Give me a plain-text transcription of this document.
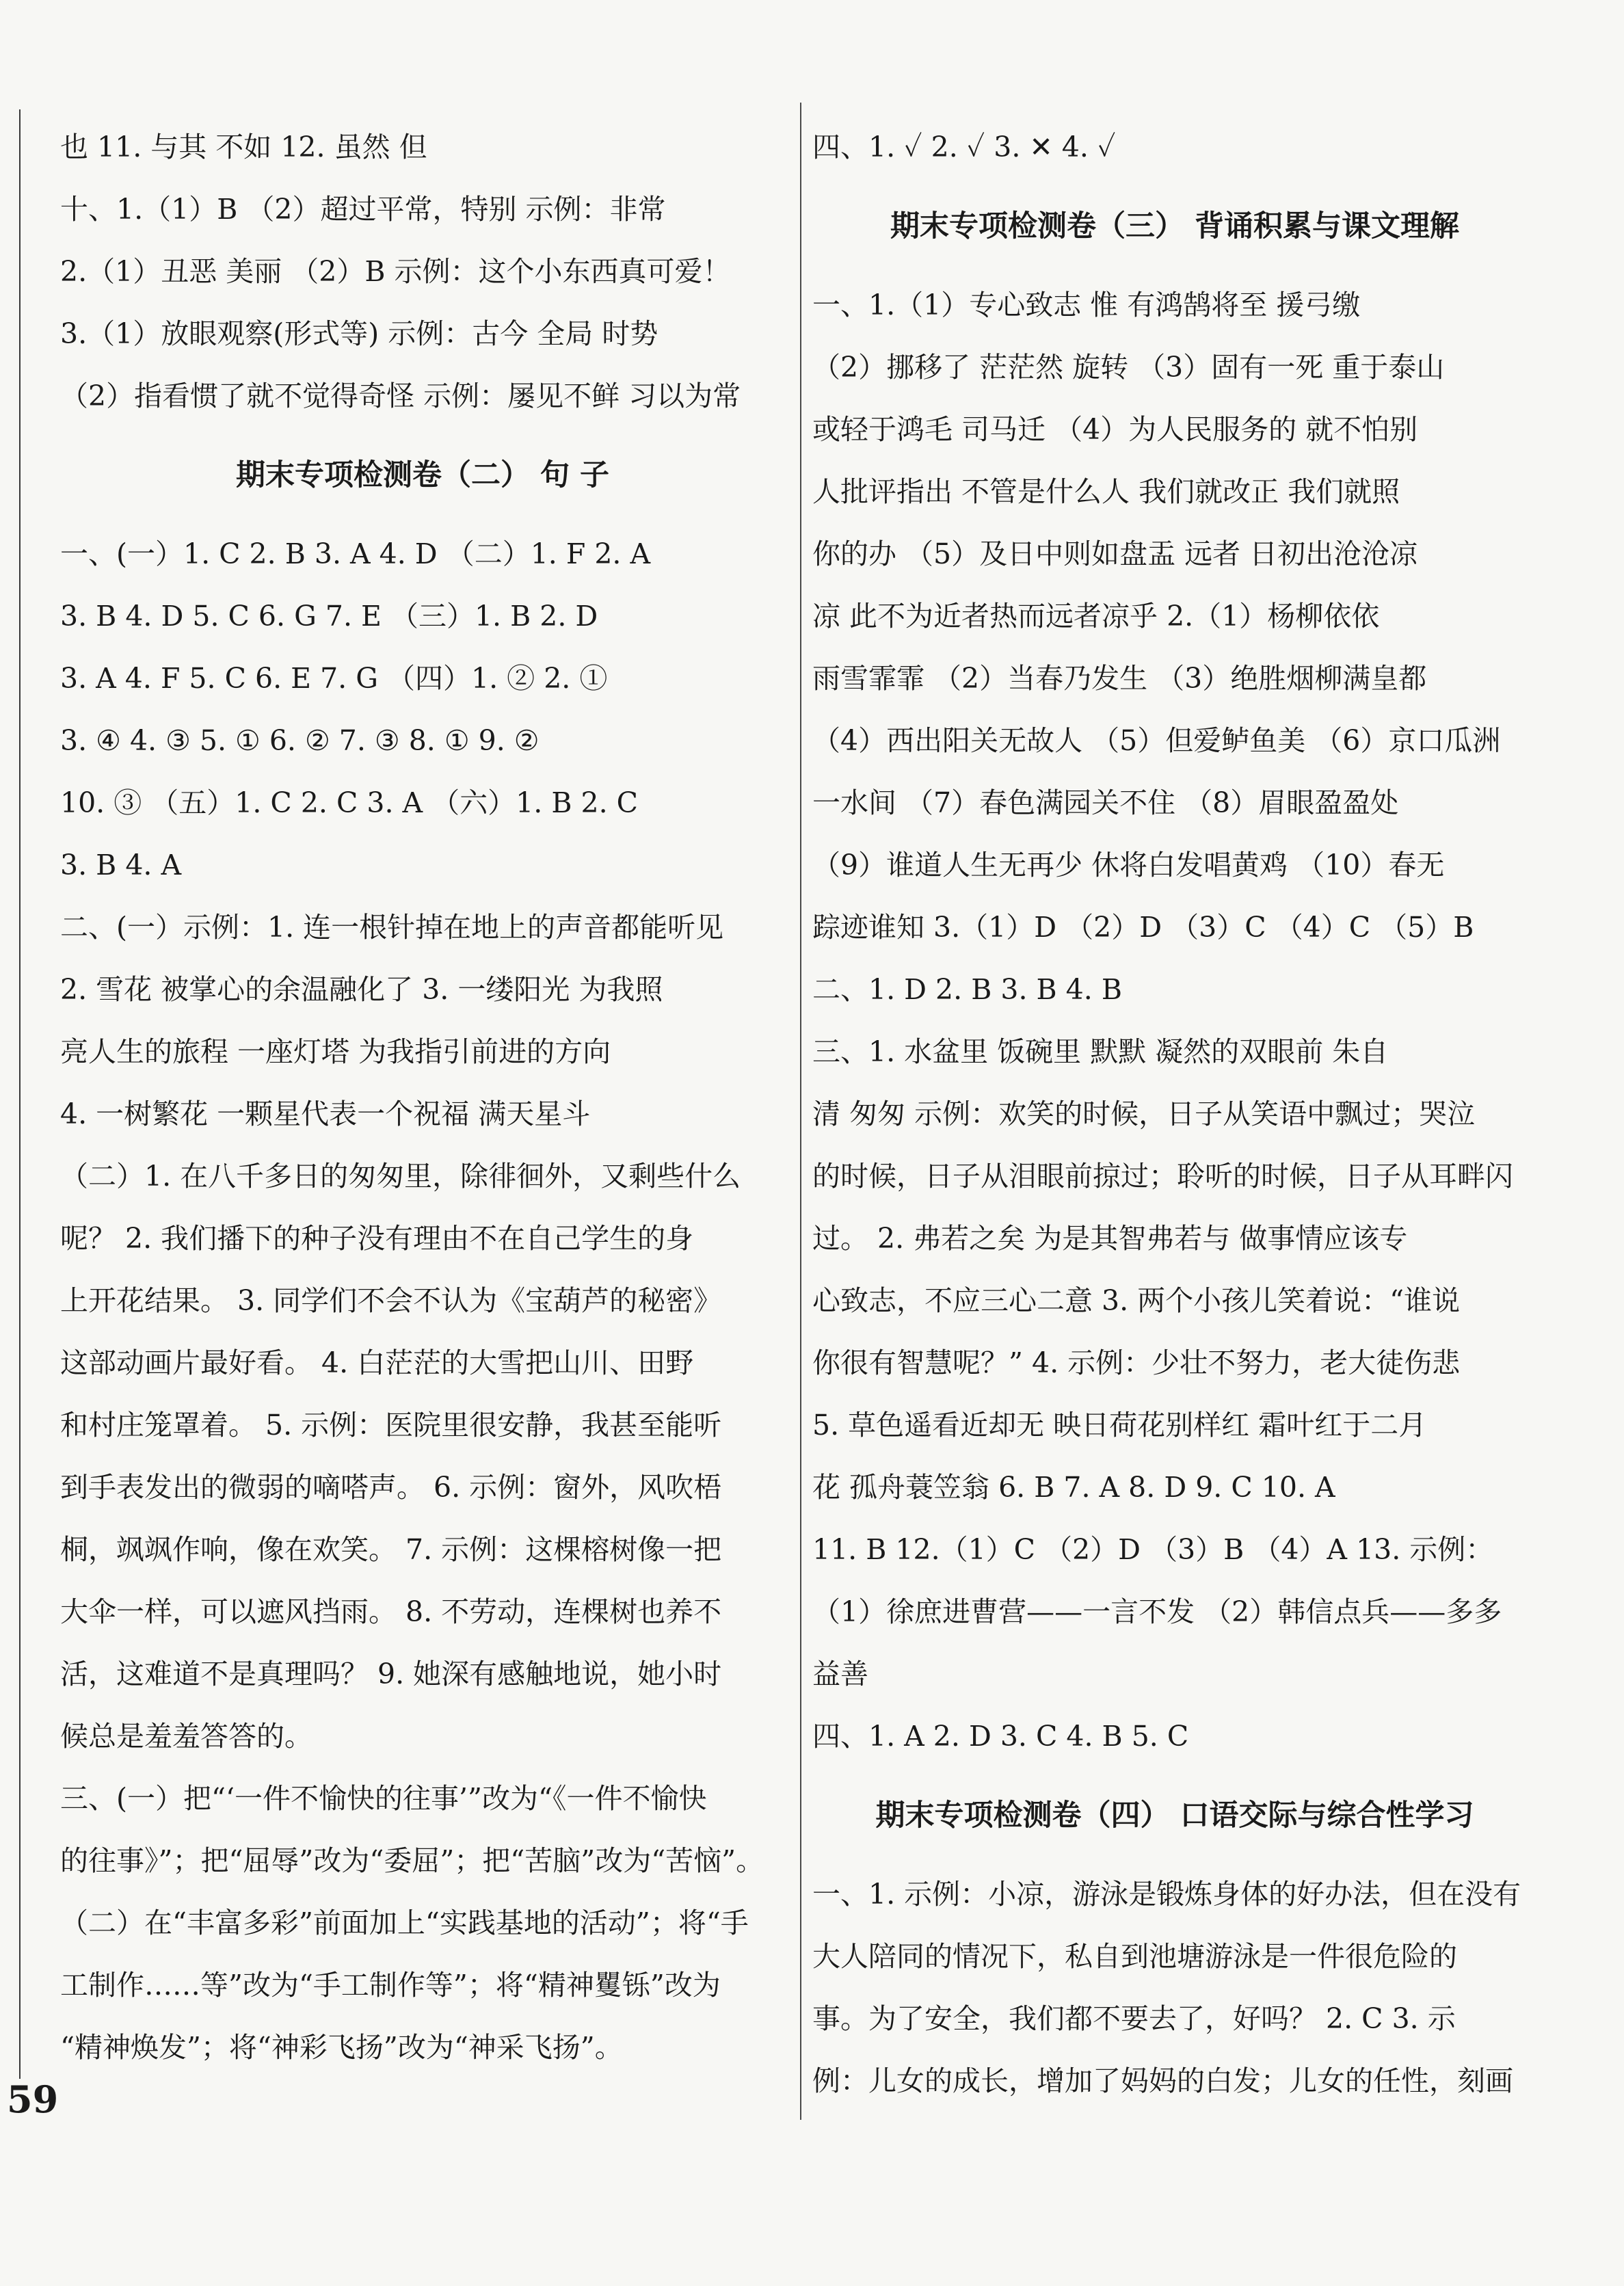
也 11. 与其 不如 12. 虽然 但
十、1.（1）B （2）超过平常，特别 示例：非常
2.（1）丑恶 美丽 （2）B 示例：这个小东西真可爱！
3.（1）放眼观察(形式等) 示例：古今 全局 时势
（2）指看惯了就不觉得奇怪 示例：屡见不鲜 习以为常
期末专项检测卷（二） 句 子
一、(一）1. C 2. B 3. A 4. D （二）1. F 2. A
3. B 4. D 5. C 6. G 7. E （三）1. B 2. D
3. A 4. F 5. C 6. E 7. G （四）1. ② 2. ①
3. ④ 4. ③ 5. ① 6. ② 7. ③ 8. ① 9. ②
10. ③ （五）1. C 2. C 3. A （六）1. B 2. C
3. B 4. A
二、(一）示例：1. 连一根针掉在地上的声音都能听见
2. 雪花 被掌心的余温融化了 3. 一缕阳光 为我照
亮人生的旅程 一座灯塔 为我指引前进的方向
4. 一树繁花 一颗星代表一个祝福 满天星斗
（二）1. 在八千多日的匆匆里，除徘徊外，又剩些什么
呢？ 2. 我们播下的种子没有理由不在自己学生的身
上开花结果。 3. 同学们不会不认为《宝葫芦的秘密》
这部动画片最好看。 4. 白茫茫的大雪把山川、田野
和村庄笼罩着。 5. 示例：医院里很安静，我甚至能听
到手表发出的微弱的嘀嗒声。 6. 示例：窗外，风吹梧
桐，飒飒作响，像在欢笑。 7. 示例：这棵榕树像一把
大伞一样，可以遮风挡雨。 8. 不劳动，连棵树也养不
活，这难道不是真理吗？ 9. 她深有感触地说，她小时
候总是羞羞答答的。
三、(一）把“‘一件不愉快的往事’”改为“《一件不愉快
的往事》”；把“屈辱”改为“委屈”；把“苦脑”改为“苦恼”。
（二）在“丰富多彩”前面加上“实践基地的活动”；将“手
工制作……等”改为“手工制作等”；将“精神矍铄”改为
“精神焕发”；将“神彩飞扬”改为“神采飞扬”。
四、1. ✓ 2. ✓ 3. ✕ 4. ✓
期末专项检测卷（三） 背诵积累与课文理解
一、1.（1）专心致志 惟 有鸿鹄将至 援弓缴
（2）挪移了 茫茫然 旋转 （3）固有一死 重于泰山
或轻于鸿毛 司马迁 （4）为人民服务的 就不怕别
人批评指出 不管是什么人 我们就改正 我们就照
你的办 （5）及日中则如盘盂 远者 日初出沧沧凉
凉 此不为近者热而远者凉乎 2.（1）杨柳依依
雨雪霏霏 （2）当春乃发生 （3）绝胜烟柳满皇都
（4）西出阳关无故人 （5）但爱鲈鱼美 （6）京口瓜洲
一水间 （7）春色满园关不住 （8）眉眼盈盈处
（9）谁道人生无再少 休将白发唱黄鸡 （10）春无
踪迹谁知 3.（1）D （2）D （3）C （4）C （5）B
二、1. D 2. B 3. B 4. B
三、1. 水盆里 饭碗里 默默 凝然的双眼前 朱自
清 匆匆 示例：欢笑的时候，日子从笑语中飘过；哭泣
的时候，日子从泪眼前掠过；聆听的时候，日子从耳畔闪
过。 2. 弗若之矣 为是其智弗若与 做事情应该专
心致志，不应三心二意 3. 两个小孩儿笑着说：“谁说
你很有智慧呢？” 4. 示例：少壮不努力，老大徒伤悲
5. 草色遥看近却无 映日荷花别样红 霜叶红于二月
花 孤舟蓑笠翁 6. B 7. A 8. D 9. C 10. A
11. B 12.（1）C （2）D （3）B （4）A 13. 示例：
（1）徐庶进曹营——一言不发 （2）韩信点兵——多多
益善
四、1. A 2. D 3. C 4. B 5. C
期末专项检测卷（四） 口语交际与综合性学习
一、1. 示例：小凉，游泳是锻炼身体的好办法，但在没有
大人陪同的情况下，私自到池塘游泳是一件很危险的
事。为了安全，我们都不要去了，好吗？ 2. C 3. 示
例：儿女的成长，增加了妈妈的白发；儿女的任性，刻画
59
